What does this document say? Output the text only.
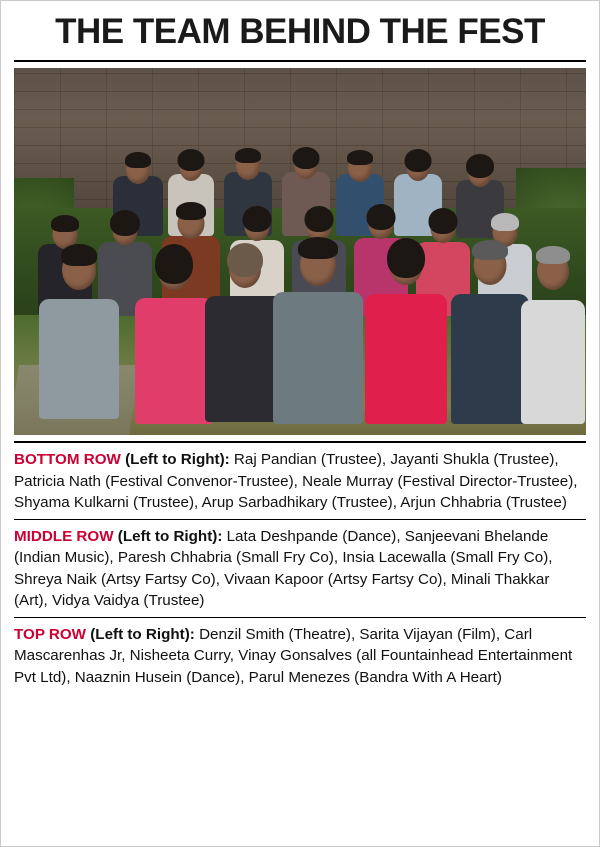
THE TEAM BEHIND THE FEST
BOTTOM ROW (Left to Right): Raj Pandian (Trustee), Jayanti Shukla (Trustee), Patricia Nath (Festival Convenor-Trustee), Neale Murray (Festival Director-Trustee), Shyama Kulkarni (Trustee), Arup Sarbadhikary (Trustee), Arjun Chhabria (Trustee)
MIDDLE ROW (Left to Right): Lata Deshpande (Dance), Sanjeevani Bhelande (Indian Music), Paresh Chhabria (Small Fry Co), Insia Lacewalla (Small Fry Co), Shreya Naik (Artsy Fartsy Co), Vivaan Kapoor (Artsy Fartsy Co), Minali Thakkar (Art), Vidya Vaidya (Trustee)
TOP ROW (Left to Right): Denzil Smith (Theatre), Sarita Vijayan (Film), Carl Mascarenhas Jr, Nisheeta Curry, Vinay Gonsalves (all Fountainhead Entertainment Pvt Ltd), Naaznin Husein (Dance), Parul Menezes (Bandra With A Heart)
